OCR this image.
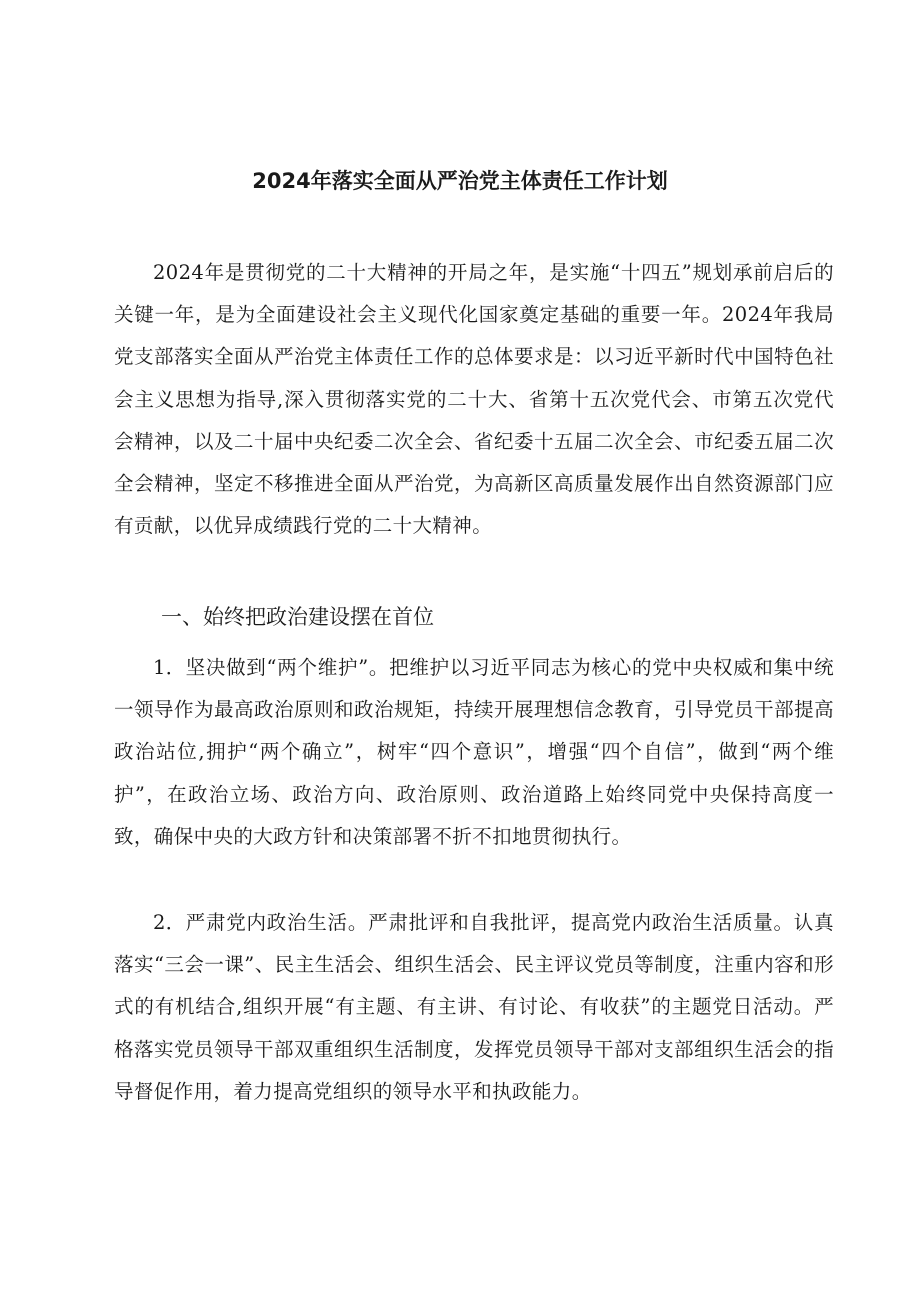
2024年落实全面从严治党主体责任工作计划

2024年是贯彻党的二十大精神的开局之年，是实施“十四五”规划承前启后的关键一年，是为全面建设社会主义现代化国家奠定基础的重要一年。2024年我局党支部落实全面从严治党主体责任工作的总体要求是：以习近平新时代中国特色社会主义思想为指导,深入贯彻落实党的二十大、省第十五次党代会、市第五次党代会精神，以及二十届中央纪委二次全会、省纪委十五届二次全会、市纪委五届二次全会精神，坚定不移推进全面从严治党，为高新区高质量发展作出自然资源部门应有贡献，以优异成绩践行党的二十大精神。

一、始终把政治建设摆在首位

1．坚决做到“两个维护”。把维护以习近平同志为核心的党中央权威和集中统一领导作为最高政治原则和政治规矩，持续开展理想信念教育，引导党员干部提高政治站位,拥护“两个确立”，树牢“四个意识”，增强“四个自信”，做到“两个维护”，在政治立场、政治方向、政治原则、政治道路上始终同党中央保持高度一致，确保中央的大政方针和决策部署不折不扣地贯彻执行。

2．严肃党内政治生活。严肃批评和自我批评，提高党内政治生活质量。认真落实“三会一课”、民主生活会、组织生活会、民主评议党员等制度，注重内容和形式的有机结合,组织开展“有主题、有主讲、有讨论、有收获”的主题党日活动。严格落实党员领导干部双重组织生活制度，发挥党员领导干部对支部组织生活会的指导督促作用，着力提高党组织的领导水平和执政能力。
